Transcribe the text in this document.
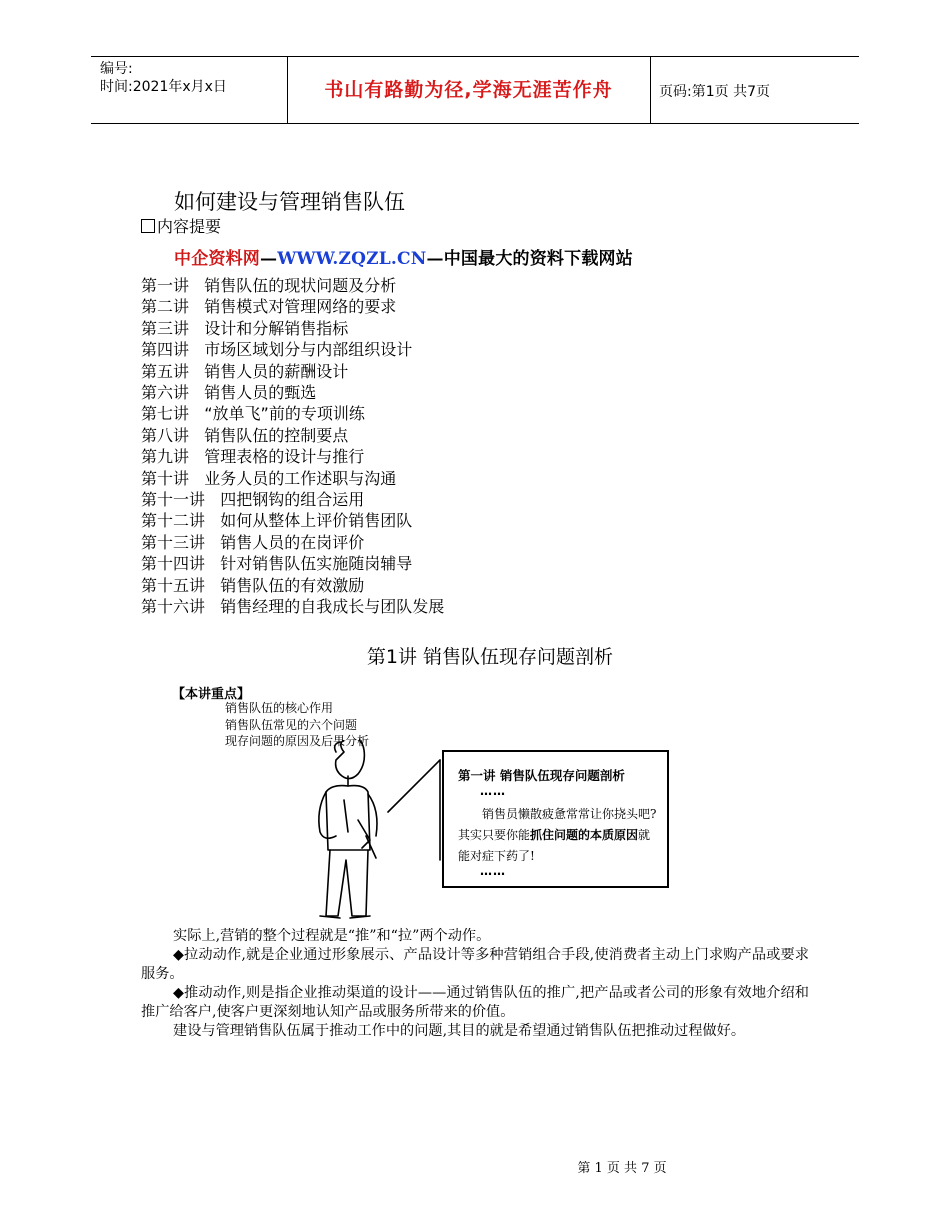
编号:
时间:2021年x月x日	书山有路勤为径,学海无涯苦作舟	页码:第1页 共7页
如何建设与管理销售队伍
内容提要
中企资料网—WWW.ZQZL.CN—中国最大的资料下载网站
第一讲   销售队伍的现状问题及分析
第二讲   销售模式对管理网络的要求
第三讲   设计和分解销售指标
第四讲   市场区域划分与内部组织设计
第五讲   销售人员的薪酬设计
第六讲   销售人员的甄选
第七讲   “放单飞”前的专项训练
第八讲   销售队伍的控制要点
第九讲   管理表格的设计与推行
第十讲   业务人员的工作述职与沟通
第十一讲   四把钢钩的组合运用
第十二讲   如何从整体上评价销售团队
第十三讲   销售人员的在岗评价
第十四讲   针对销售队伍实施随岗辅导
第十五讲   销售队伍的有效激励
第十六讲   销售经理的自我成长与团队发展
第1讲 销售队伍现存问题剖析
【本讲重点】
销售队伍的核心作用
销售队伍常见的六个问题
现存问题的原因及后果分析
第一讲 销售队伍现存问题剖析
……
  销售员懒散疲惫常常让你挠头吧?其实只要你能抓住问题的本质原因就能对症下药了!
……

实际上,营销的整个过程就是“推”和“拉”两个动作。

◆拉动动作,就是企业通过形象展示、产品设计等多种营销组合手段,使消费者主动上门求购产品或要求服务。

◆推动动作,则是指企业推动渠道的设计——通过销售队伍的推广,把产品或者公司的形象有效地介绍和推广给客户,使客户更深刻地认知产品或服务所带来的价值。

建设与管理销售队伍属于推动工作中的问题,其目的就是希望通过销售队伍把推动过程做好。

第 1 页 共 7 页
